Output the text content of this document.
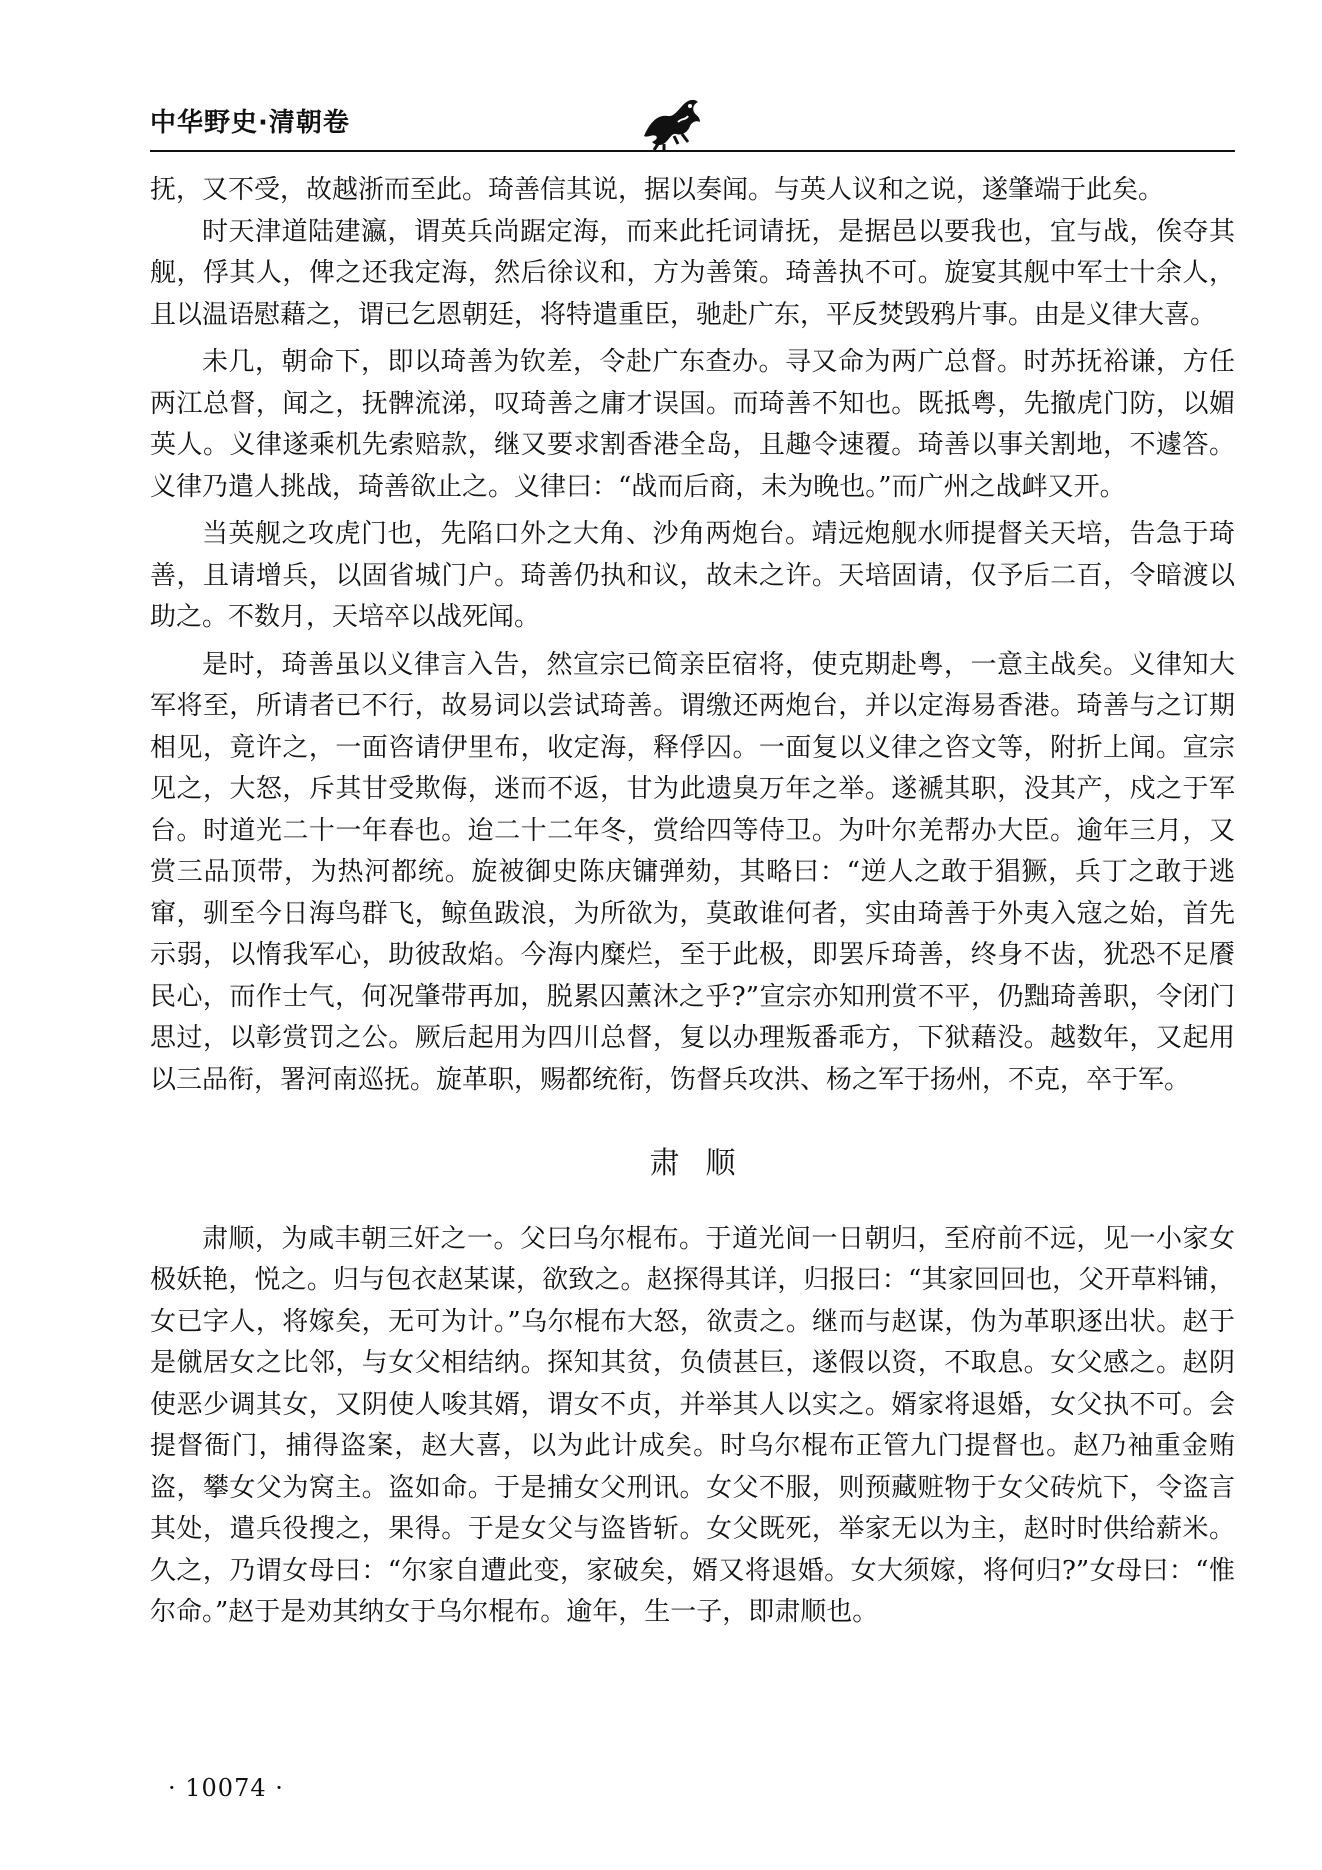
中华野史·清朝卷

抚，又不受，故越浙而至此。琦善信其说，据以奏闻。与英人议和之说，遂肇端于此矣。

时天津道陆建瀛，谓英兵尚踞定海，而来此托词请抚，是据邑以要我也，宜与战，俟夺其舰，俘其人，俾之还我定海，然后徐议和，方为善策。琦善执不可。旋宴其舰中军士十余人，且以温语慰藉之，谓已乞恩朝廷，将特遣重臣，驰赴广东，平反焚毁鸦片事。由是义律大喜。

未几，朝命下，即以琦善为钦差，令赴广东查办。寻又命为两广总督。时苏抚裕谦，方任两江总督，闻之，抚髀流涕，叹琦善之庸才误国。而琦善不知也。既抵粤，先撤虎门防，以媚英人。义律遂乘机先索赔款，继又要求割香港全岛，且趣令速覆。琦善以事关割地，不遽答。义律乃遣人挑战，琦善欲止之。义律曰：“战而后商，未为晚也。”而广州之战衅又开。

当英舰之攻虎门也，先陷口外之大角、沙角两炮台。靖远炮舰水师提督关天培，告急于琦善，且请增兵，以固省城门户。琦善仍执和议，故未之许。天培固请，仅予后二百，令暗渡以助之。不数月，天培卒以战死闻。

是时，琦善虽以义律言入告，然宣宗已简亲臣宿将，使克期赴粤，一意主战矣。义律知大军将至，所请者已不行，故易词以尝试琦善。谓缴还两炮台，并以定海易香港。琦善与之订期相见，竟许之，一面咨请伊里布，收定海，释俘囚。一面复以义律之咨文等，附折上闻。宣宗见之，大怒，斥其甘受欺侮，迷而不返，甘为此遗臭万年之举。遂褫其职，没其产，戍之于军台。时道光二十一年春也。迨二十二年冬，赏给四等侍卫。为叶尔羌帮办大臣。逾年三月，又赏三品顶带，为热河都统。旋被御史陈庆镛弹劾，其略曰：“逆人之敢于猖獗，兵丁之敢于逃窜，驯至今日海鸟群飞，鲸鱼跋浪，为所欲为，莫敢谁何者，实由琦善于外夷入寇之始，首先示弱，以惰我军心，助彼敌焰。今海内糜烂，至于此极，即罢斥琦善，终身不齿，犹恐不足餍民心，而作士气，何况肇带再加，脱累囚薰沐之乎?”宣宗亦知刑赏不平，仍黜琦善职，令闭门思过，以彰赏罚之公。厥后起用为四川总督，复以办理叛番乖方，下狱藉没。越数年，又起用以三品衔，署河南巡抚。旋革职，赐都统衔，饬督兵攻洪、杨之军于扬州，不克，卒于军。

肃顺

肃顺，为咸丰朝三奸之一。父曰乌尔棍布。于道光间一日朝归，至府前不远，见一小家女极妖艳，悦之。归与包衣赵某谋，欲致之。赵探得其详，归报曰：“其家回回也，父开草料铺，女已字人，将嫁矣，无可为计。”乌尔棍布大怒，欲责之。继而与赵谋，伪为革职逐出状。赵于是僦居女之比邻，与女父相结纳。探知其贫，负债甚巨，遂假以资，不取息。女父感之。赵阴使恶少调其女，又阴使人唆其婿，谓女不贞，并举其人以实之。婿家将退婚，女父执不可。会提督衙门，捕得盗案，赵大喜，以为此计成矣。时乌尔棍布正管九门提督也。赵乃袖重金贿盗，攀女父为窝主。盗如命。于是捕女父刑讯。女父不服，则预藏赃物于女父砖炕下，令盗言其处，遣兵役搜之，果得。于是女父与盗皆斩。女父既死，举家无以为主，赵时时供给薪米。久之，乃谓女母曰：“尔家自遭此变，家破矣，婿又将退婚。女大须嫁，将何归?”女母曰：“惟尔命。”赵于是劝其纳女于乌尔棍布。逾年，生一子，即肃顺也。

· 10074 ·
